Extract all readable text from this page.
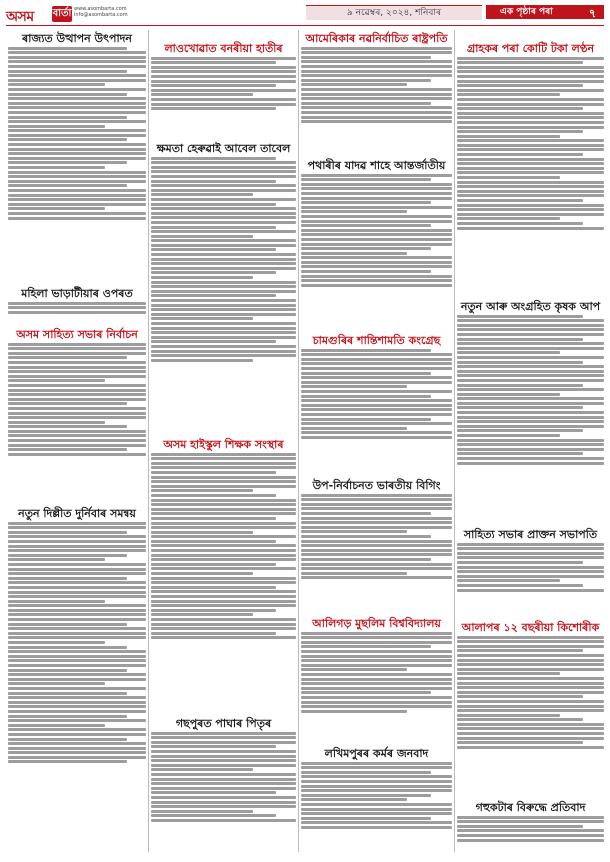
অসম বাৰ্তা www.asombarta.com
info@asombarta.com	৯ নৱেম্বৰ, ২০২৪, শনিবাৰ	এক পৃষ্ঠাৰ পৰা	৭
ৰাজ্যত উত্থাপন উৎপাদন
মহিলা ভাড়াটীয়াৰ ওপৰত
অসম সাহিত্য সভাৰ নিৰ্বাচন
নতুন দিল্লীত দুৰ্নিবাৰ সমন্বয়
লাওখোৱাত বনৰীয়া হাতীৰ
ক্ষমতা হেৰুৱাই আবেল তাবেল
অসম হাইস্কুল শিক্ষক সংস্থাৰ
গছপুৰত পাঘাৰ পিতৃৰ
আমেৰিকাৰ নৱনিৰ্বাচিত ৰাষ্ট্ৰপতি
পথাৰীৰ যাদৱ শাহে আন্তৰ্জাতীয়
চামগুৰিৰ শান্তিশামতি কংগ্ৰেছ
উপ-নিৰ্বাচনত ভাৰতীয় বিগিং
আলিগড় মুছলিম বিশ্ববিদ্যালয়
লখিমপুৰৰ কৰ্মৰ জনবাদ
গ্ৰাহকৰ পৰা কোটি টকা লণ্ঠন
নতুন আৰু অংগ্ৰহিত কৃষক আপ
সাহিত্য সভাৰ প্ৰাক্তন সভাপতি
আলাপৰ ১২ বছৰীয়া কিশোৰীক
গহুকটাৰ বিৰুদ্ধে প্ৰতিবাদ
